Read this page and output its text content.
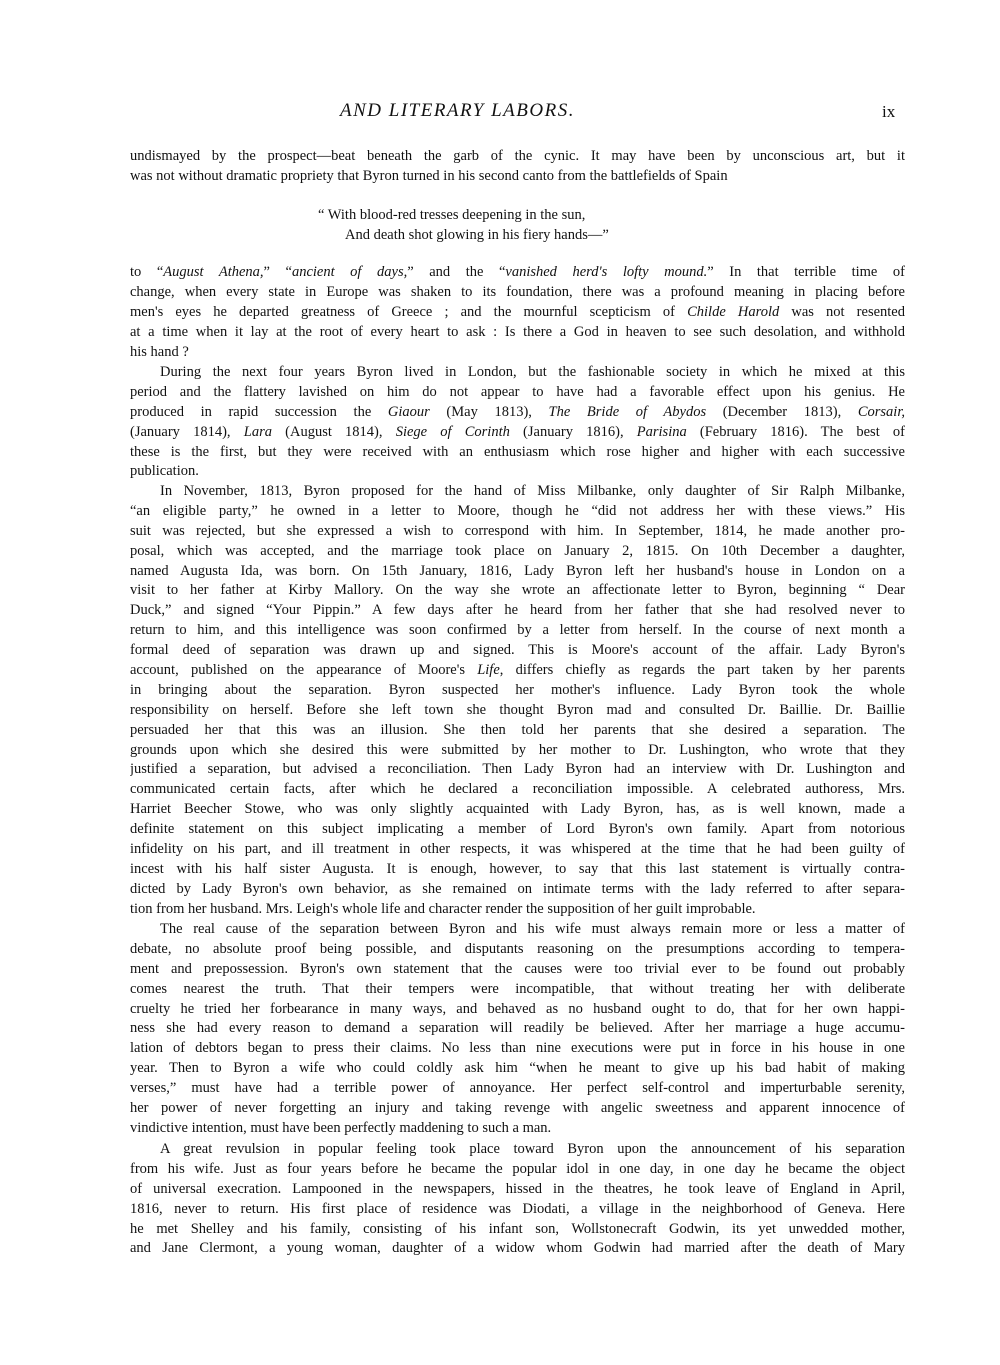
AND LITERARY LABORS.	ix
“ With blood-red tresses deepening in the sun,
And death shot glowing in his fiery hands—”
undismayed by the prospect—beat beneath the garb of the cynic. It may have been by unconscious art, but it
was not without dramatic propriety that Byron turned in his second canto from the battlefields of Spain
to “August Athena,” “ancient of days,” and the “vanished herd's lofty mound.” In that terrible time of
change, when every state in Europe was shaken to its foundation, there was a profound meaning in placing before
men's eyes he departed greatness of Greece ; and the mournful scepticism of Childe Harold was not resented
at a time when it lay at the root of every heart to ask : Is there a God in heaven to see such desolation, and withhold
his hand ?
During the next four years Byron lived in London, but the fashionable society in which he mixed at this
period and the flattery lavished on him do not appear to have had a favorable effect upon his genius. He
produced in rapid succession the Giaour (May 1813), The Bride of Abydos (December 1813), Corsair,
(January 1814), Lara (August 1814), Siege of Corinth (January 1816), Parisina (February 1816). The best of
these is the first, but they were received with an enthusiasm which rose higher and higher with each successive
publication.
In November, 1813, Byron proposed for the hand of Miss Milbanke, only daughter of Sir Ralph Milbanke,
“an eligible party,” he owned in a letter to Moore, though he “did not address her with these views.” His
suit was rejected, but she expressed a wish to correspond with him. In September, 1814, he made another pro-
posal, which was accepted, and the marriage took place on January 2, 1815. On 10th December a daughter,
named Augusta Ida, was born. On 15th January, 1816, Lady Byron left her husband's house in London on a
visit to her father at Kirby Mallory. On the way she wrote an affectionate letter to Byron, beginning “ Dear
Duck,” and signed “Your Pippin.” A few days after he heard from her father that she had resolved never to
return to him, and this intelligence was soon confirmed by a letter from herself. In the course of next month a
formal deed of separation was drawn up and signed. This is Moore's account of the affair. Lady Byron's
account, published on the appearance of Moore's Life, differs chiefly as regards the part taken by her parents
in bringing about the separation. Byron suspected her mother's influence. Lady Byron took the whole
responsibility on herself. Before she left town she thought Byron mad and consulted Dr. Baillie. Dr. Baillie
persuaded her that this was an illusion. She then told her parents that she desired a separation. The
grounds upon which she desired this were submitted by her mother to Dr. Lushington, who wrote that they
justified a separation, but advised a reconciliation. Then Lady Byron had an interview with Dr. Lushington and
communicated certain facts, after which he declared a reconciliation impossible. A celebrated authoress, Mrs.
Harriet Beecher Stowe, who was only slightly acquainted with Lady Byron, has, as is well known, made a
definite statement on this subject implicating a member of Lord Byron's own family. Apart from notorious
infidelity on his part, and ill treatment in other respects, it was whispered at the time that he had been guilty of
incest with his half sister Augusta. It is enough, however, to say that this last statement is virtually contra-
dicted by Lady Byron's own behavior, as she remained on intimate terms with the lady referred to after separa-
tion from her husband. Mrs. Leigh's whole life and character render the supposition of her guilt improbable.
The real cause of the separation between Byron and his wife must always remain more or less a matter of
debate, no absolute proof being possible, and disputants reasoning on the presumptions according to tempera-
ment and prepossession. Byron's own statement that the causes were too trivial ever to be found out probably
comes nearest the truth. That their tempers were incompatible, that without treating her with deliberate
cruelty he tried her forbearance in many ways, and behaved as no husband ought to do, that for her own happi-
ness she had every reason to demand a separation will readily be believed. After her marriage a huge accumu-
lation of debtors began to press their claims. No less than nine executions were put in force in his house in one
year. Then to Byron a wife who could coldly ask him “when he meant to give up his bad habit of making
verses,” must have had a terrible power of annoyance. Her perfect self-control and imperturbable serenity,
her power of never forgetting an injury and taking revenge with angelic sweetness and apparent innocence of
vindictive intention, must have been perfectly maddening to such a man.
A great revulsion in popular feeling took place toward Byron upon the announcement of his separation
from his wife. Just as four years before he became the popular idol in one day, in one day he became the object
of universal execration. Lampooned in the newspapers, hissed in the theatres, he took leave of England in April,
1816, never to return. His first place of residence was Diodati, a village in the neighborhood of Geneva. Here
he met Shelley and his family, consisting of his infant son, Wollstonecraft Godwin, its yet unwedded mother,
and Jane Clermont, a young woman, daughter of a widow whom Godwin had married after the death of Mary
